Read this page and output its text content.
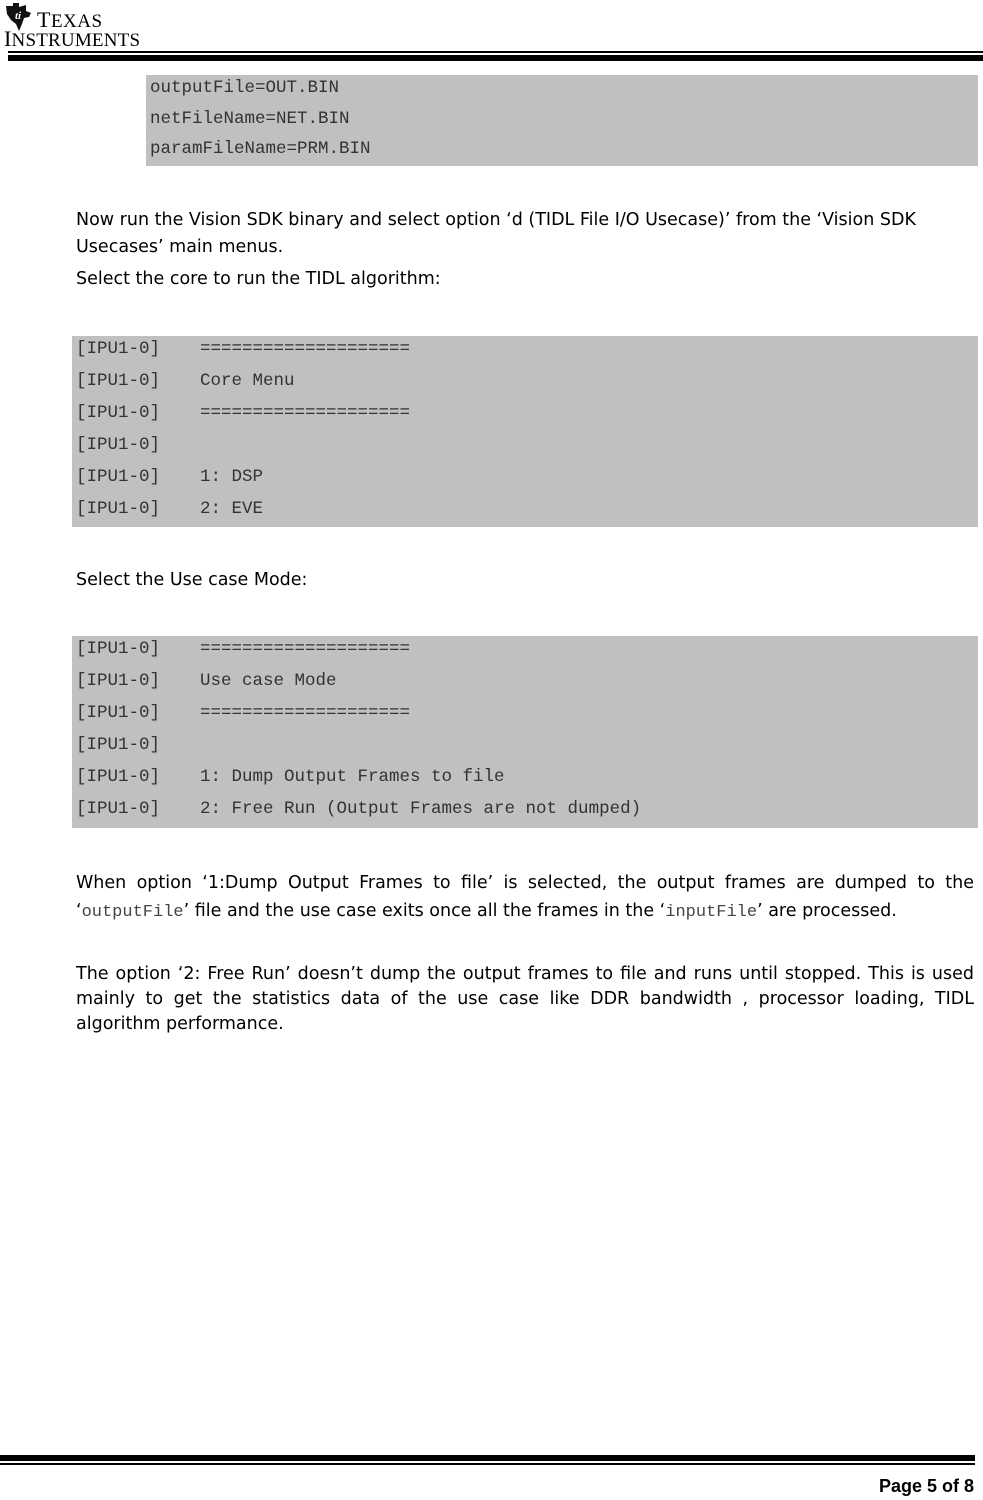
ti TEXAS
INSTRUMENTS
outputFile=OUT.BIN
netFileName=NET.BIN
paramFileName=PRM.BIN
Now run the Vision SDK binary and select option ‘d (TIDL File I/O Usecase)’ from the ‘Vision SDK Usecases’ main menus.
Select the core to run the TIDL algorithm:
[IPU1-0] ====================
[IPU1-0] Core Menu
[IPU1-0] ====================
[IPU1-0]
[IPU1-0] 1: DSP
[IPU1-0] 2: EVE
Select the Use case Mode:
[IPU1-0] ====================
[IPU1-0] Use case Mode
[IPU1-0] ====================
[IPU1-0]
[IPU1-0] 1: Dump Output Frames to file
[IPU1-0] 2: Free Run (Output Frames are not dumped)
When option ‘1:Dump Output Frames to file’ is selected, the output frames are dumped to the ‘outputFile’ file and the use case exits once all the frames in the ‘inputFile’ are processed.
The option ‘2: Free Run’ doesn’t dump the output frames to file and runs until stopped. This is used mainly to get the statistics data of the use case like DDR bandwidth , processor loading, TIDL algorithm performance.
Page 5 of 8
